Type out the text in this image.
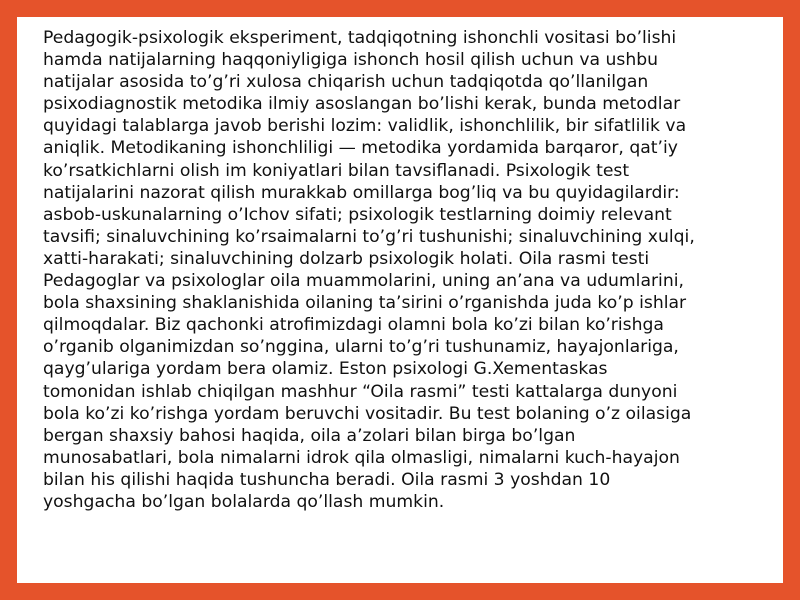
Pedagogik-psixologik eksperiment, tadqiqotning ishonchli vositasi bo’lishi
hamda natijalarning haqqoniyligiga ishonch hosil qilish uchun va ushbu
natijalar asosida to’g’ri xulosa chiqarish uchun tadqiqotda qo’llanilgan
psixodiagnostik metodika ilmiy asoslangan bo’lishi kerak, bunda metodlar
quyidagi talablarga javob berishi lozim: validlik, ishonchlilik, bir sifatlilik va
aniqlik. Metodikaning ishonchliligi — metodika yordamida barqaror, qat’iy
ko’rsatkichlarni olish im koniyatlari bilan tavsiflanadi. Psixologik test
natijalarini nazorat qilish murakkab omillarga bog’liq va bu quyidagilardir:
asbob-uskunalarning o’Ichov sifati; psixologik testlarning doimiy relevant
tavsifi; sinaluvchining ko’rsaimalarni to’g’ri tushunishi; sinaluvchining xulqi,
xatti-harakati; sinaluvchining dolzarb psixologik holati. Oila rasmi testi
Pedagoglar va psixologlar oila muammolarini, uning an’ana va udumlarini,
bola shaxsining shaklanishida oilaning ta’sirini o’rganishda juda ko’p ishlar
qilmoqdalar. Biz qachonki atrofimizdagi olamni bola ko’zi bilan ko’rishga
o’rganib olganimizdan so’nggina, ularni to’g’ri tushunamiz, hayajonlariga,
qayg’ulariga yordam bera olamiz. Eston psixologi G.Xementaskas
tomonidan ishlab chiqilgan mashhur “Oila rasmi” testi kattalarga dunyoni
bola ko’zi ko’rishga yordam beruvchi vositadir. Bu test bolaning o’z oilasiga
bergan shaxsiy bahosi haqida, oila a’zolari bilan birga bo’lgan
munosabatlari, bola nimalarni idrok qila olmasligi, nimalarni kuch-hayajon
bilan his qilishi haqida tushuncha beradi. Oila rasmi 3 yoshdan 10
yoshgacha bo’lgan bolalarda qo’llash mumkin.
